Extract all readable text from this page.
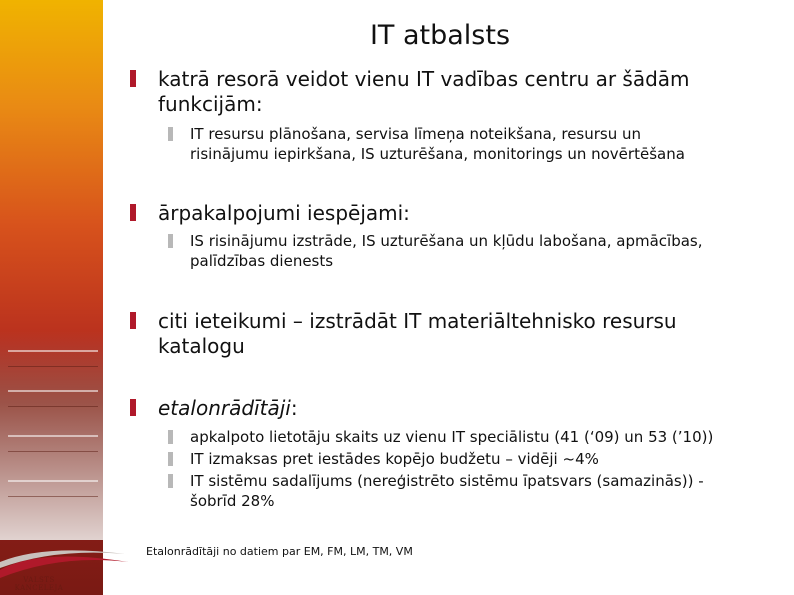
VALSTS
KANCELEJA
IT atbalsts
katrā resorā veidot vienu IT vadības centru ar šādām
funkcijām:
IT resursu plānošana, servisa līmeņa noteikšana, resursu un
risinājumu iepirkšana, IS uzturēšana, monitorings un novērtēšana
ārpakalpojumi iespējami:
IS risinājumu izstrāde, IS uzturēšana un kļūdu labošana, apmācības,
palīdzības dienests
citi ieteikumi – izstrādāt IT materiāltehnisko resursu
katalogu
etalonrādītāji:
apkalpoto lietotāju skaits uz vienu IT speciālistu (41 (‘09) un 53 (’10))
IT izmaksas pret iestādes kopējo budžetu – vidēji ~4%
IT sistēmu sadalījums (nereģistrēto sistēmu īpatsvars (samazinās)) -
šobrīd 28%
Etalonrādītāji no datiem par EM, FM, LM, TM, VM
